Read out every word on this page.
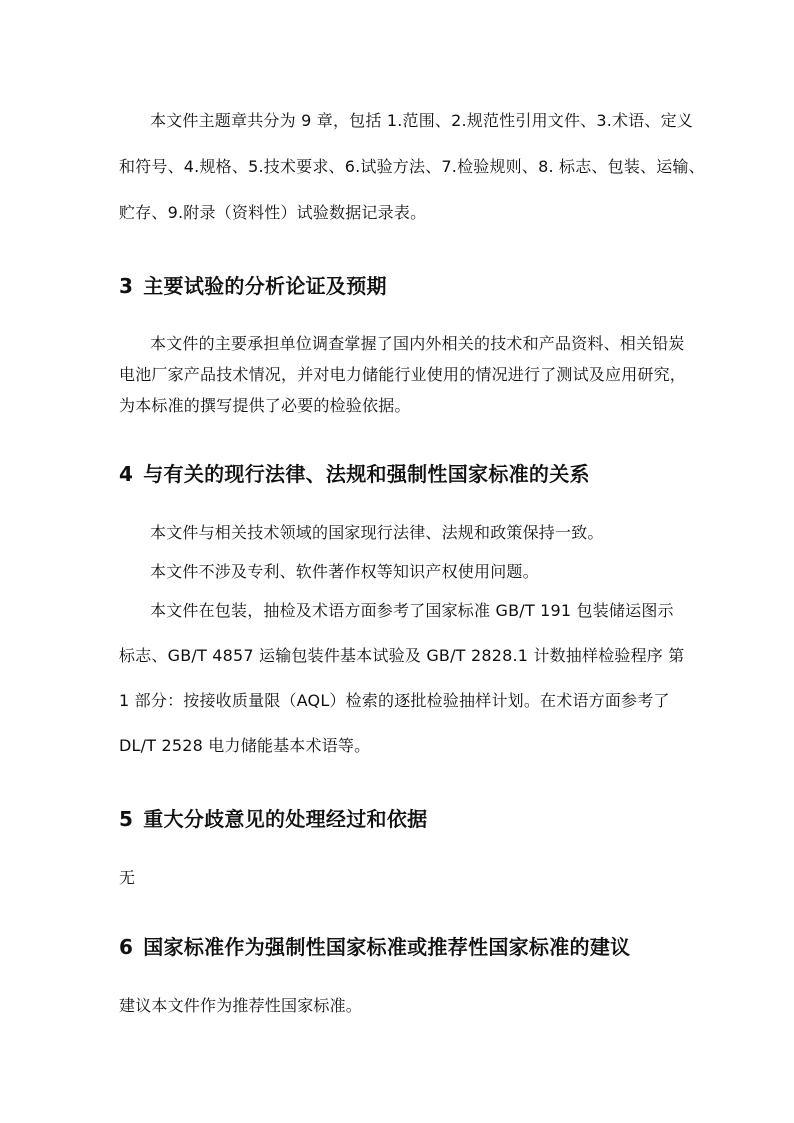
本文件主题章共分为 9 章，包括 1.范围、2.规范性引用文件、3.术语、定义
和符号、4.规格、5.技术要求、6.试验方法、7.检验规则、8. 标志、包装、运输、
贮存、9.附录（资料性）试验数据记录表。
3 主要试验的分析论证及预期
本文件的主要承担单位调查掌握了国内外相关的技术和产品资料、相关铅炭
电池厂家产品技术情况，并对电力储能行业使用的情况进行了测试及应用研究，
为本标准的撰写提供了必要的检验依据。
4 与有关的现行法律、法规和强制性国家标准的关系
本文件与相关技术领域的国家现行法律、法规和政策保持一致。
本文件不涉及专利、软件著作权等知识产权使用问题。
本文件在包装，抽检及术语方面参考了国家标准 GB/T 191 包装储运图示
标志、GB/T 4857 运输包装件基本试验及 GB/T 2828.1 计数抽样检验程序 第
1 部分：按接收质量限（AQL）检索的逐批检验抽样计划。在术语方面参考了
DL/T 2528 电力储能基本术语等。
5 重大分歧意见的处理经过和依据
无
6 国家标准作为强制性国家标准或推荐性国家标准的建议
建议本文件作为推荐性国家标准。
